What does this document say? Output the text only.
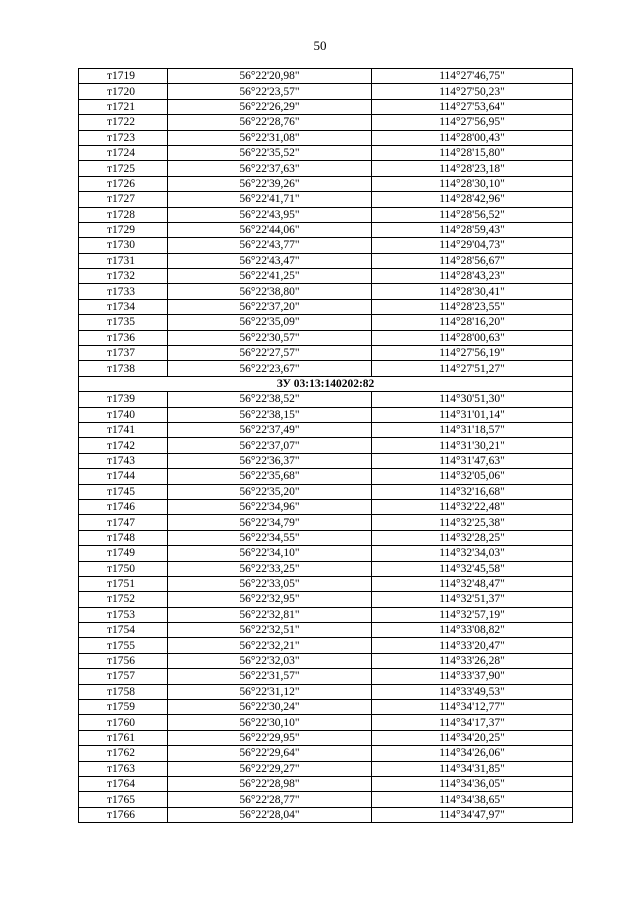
50
т1719	56°22'20,98"	114°27'46,75"
т1720	56°22'23,57"	114°27'50,23"
т1721	56°22'26,29"	114°27'53,64"
т1722	56°22'28,76"	114°27'56,95"
т1723	56°22'31,08"	114°28'00,43"
т1724	56°22'35,52"	114°28'15,80"
т1725	56°22'37,63"	114°28'23,18"
т1726	56°22'39,26"	114°28'30,10"
т1727	56°22'41,71"	114°28'42,96"
т1728	56°22'43,95"	114°28'56,52"
т1729	56°22'44,06"	114°28'59,43"
т1730	56°22'43,77"	114°29'04,73"
т1731	56°22'43,47"	114°28'56,67"
т1732	56°22'41,25"	114°28'43,23"
т1733	56°22'38,80"	114°28'30,41"
т1734	56°22'37,20"	114°28'23,55"
т1735	56°22'35,09"	114°28'16,20"
т1736	56°22'30,57"	114°28'00,63"
т1737	56°22'27,57"	114°27'56,19"
т1738	56°22'23,67"	114°27'51,27"
ЗУ 03:13:140202:82		
т1739	56°22'38,52"	114°30'51,30"
т1740	56°22'38,15"	114°31'01,14"
т1741	56°22'37,49"	114°31'18,57"
т1742	56°22'37,07"	114°31'30,21"
т1743	56°22'36,37"	114°31'47,63"
т1744	56°22'35,68"	114°32'05,06"
т1745	56°22'35,20"	114°32'16,68"
т1746	56°22'34,96"	114°32'22,48"
т1747	56°22'34,79"	114°32'25,38"
т1748	56°22'34,55"	114°32'28,25"
т1749	56°22'34,10"	114°32'34,03"
т1750	56°22'33,25"	114°32'45,58"
т1751	56°22'33,05"	114°32'48,47"
т1752	56°22'32,95"	114°32'51,37"
т1753	56°22'32,81"	114°32'57,19"
т1754	56°22'32,51"	114°33'08,82"
т1755	56°22'32,21"	114°33'20,47"
т1756	56°22'32,03"	114°33'26,28"
т1757	56°22'31,57"	114°33'37,90"
т1758	56°22'31,12"	114°33'49,53"
т1759	56°22'30,24"	114°34'12,77"
т1760	56°22'30,10"	114°34'17,37"
т1761	56°22'29,95"	114°34'20,25"
т1762	56°22'29,64"	114°34'26,06"
т1763	56°22'29,27"	114°34'31,85"
т1764	56°22'28,98"	114°34'36,05"
т1765	56°22'28,77"	114°34'38,65"
т1766	56°22'28,04"	114°34'47,97"
